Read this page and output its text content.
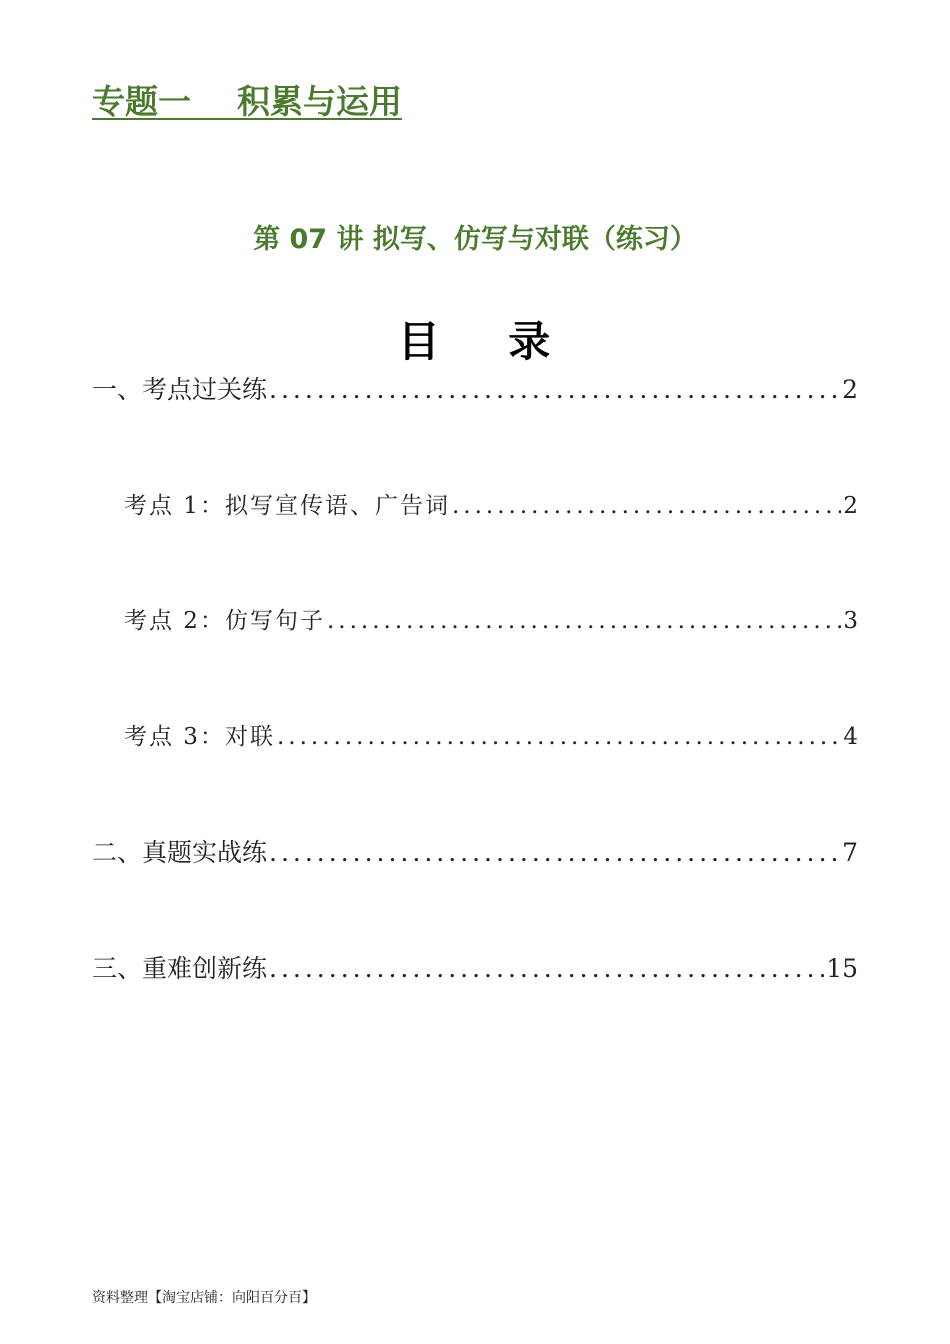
专题一    积累与运用
第 07 讲 拟写、仿写与对联（练习）
目    录
一、考点过关练 .....	2
考点 1：拟写宣传语、广告词 .....	2
考点 2：仿写句子 .....	3
考点 3：对联 .....	4
二、真题实战练 .....	7
三、重难创新练 .....	15
资料整理【淘宝店铺：向阳百分百】
